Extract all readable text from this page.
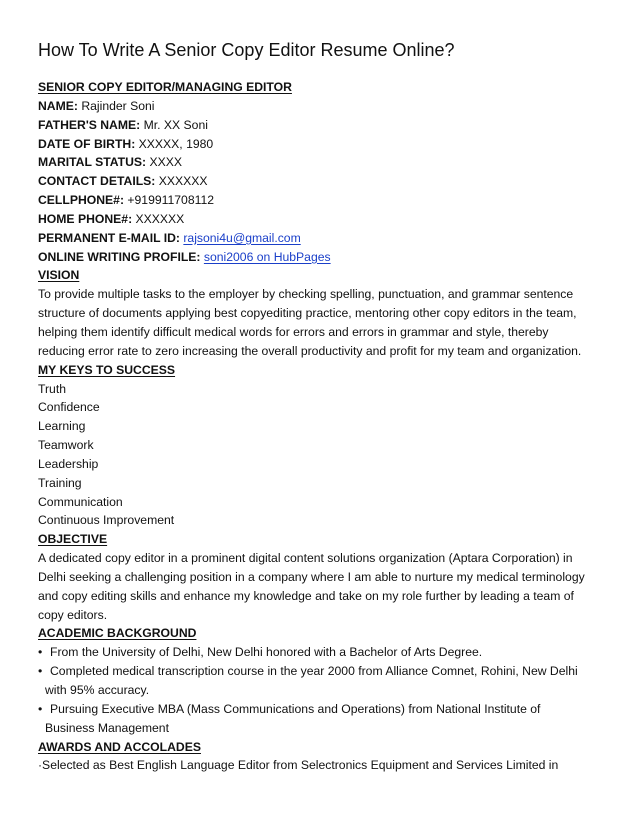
How To Write A Senior Copy Editor Resume Online?
SENIOR COPY EDITOR/MANAGING EDITOR
NAME: Rajinder Soni
FATHER'S NAME: Mr. XX Soni
DATE OF BIRTH: XXXXX, 1980
MARITAL STATUS: XXXX
CONTACT DETAILS: XXXXXX
CELLPHONE#: +919911708112
HOME PHONE#: XXXXXX
PERMANENT E-MAIL ID: rajsoni4u@gmail.com
ONLINE WRITING PROFILE: soni2006 on HubPages
VISION
To provide multiple tasks to the employer by checking spelling, punctuation, and grammar sentence
structure of documents applying best copyediting practice, mentoring other copy editors in the team,
helping them identify difficult medical words for errors and errors in grammar and style, thereby
reducing error rate to zero increasing the overall productivity and profit for my team and organization.
MY KEYS TO SUCCESS
Truth
Confidence
Learning
Teamwork
Leadership
Training
Communication
Continuous Improvement
OBJECTIVE
A dedicated copy editor in a prominent digital content solutions organization (Aptara Corporation) in
Delhi seeking a challenging position in a company where I am able to nurture my medical terminology
and copy editing skills and enhance my knowledge and take on my role further by leading a team of
copy editors.
ACADEMIC BACKGROUND
• From the University of Delhi, New Delhi honored with a Bachelor of Arts Degree.
• Completed medical transcription course in the year 2000 from Alliance Comnet, Rohini, New Delhi
with 95% accuracy.
• Pursuing Executive MBA (Mass Communications and Operations) from National Institute of
Business Management
AWARDS AND ACCOLADES
·Selected as Best English Language Editor from Selectronics Equipment and Services Limited in
